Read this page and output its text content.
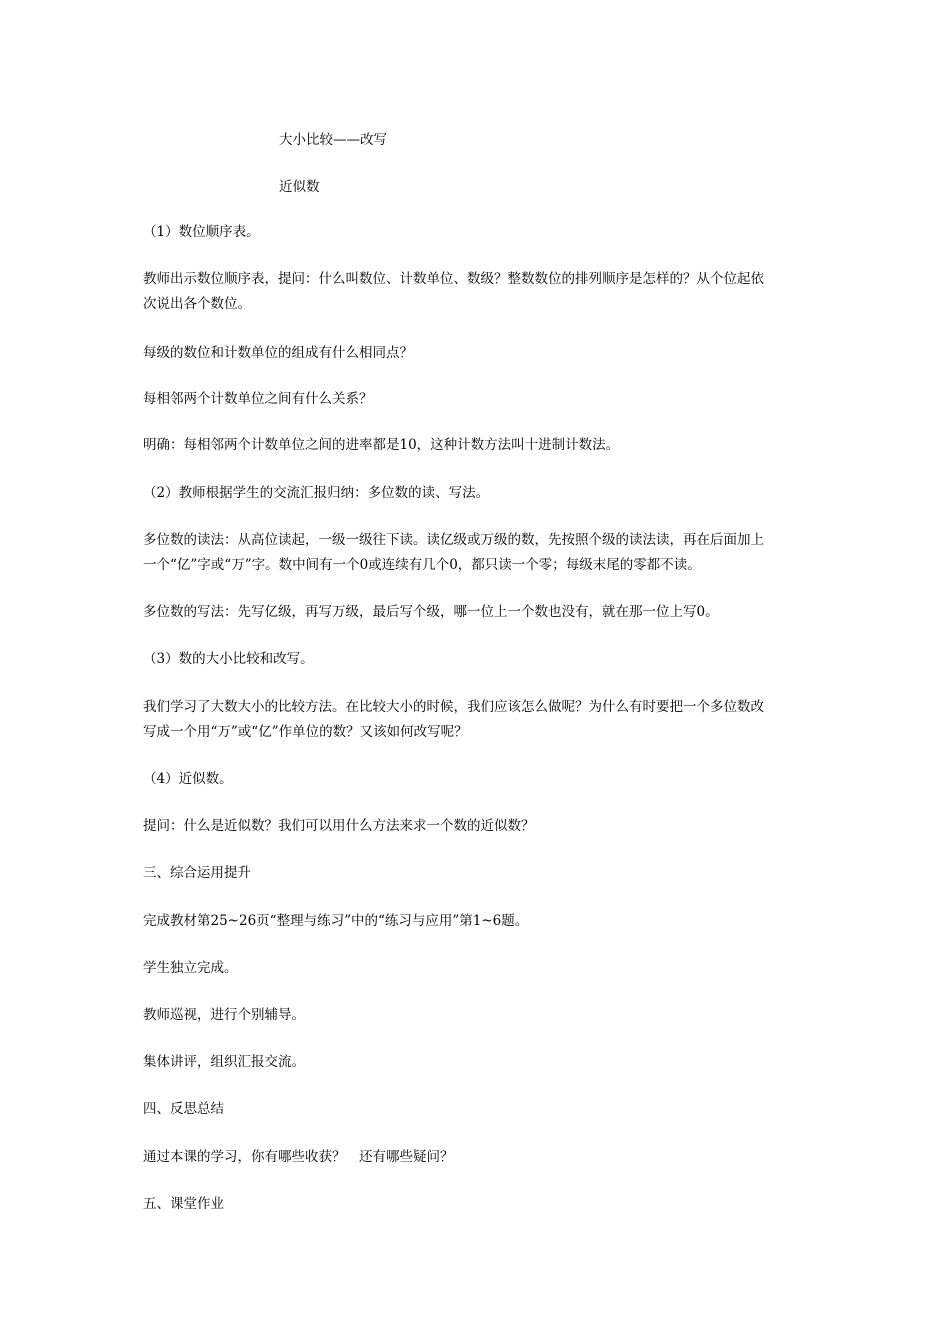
大小比较——改写
近似数
（1）数位顺序表。
教师出示数位顺序表，提问：什么叫数位、计数单位、数级？整数数位的排列顺序是怎样的？从个位起依
次说出各个数位。
每级的数位和计数单位的组成有什么相同点？
每相邻两个计数单位之间有什么关系？
明确：每相邻两个计数单位之间的进率都是10，这种计数方法叫十进制计数法。
（2）教师根据学生的交流汇报归纳：多位数的读、写法。
多位数的读法：从高位读起，一级一级往下读。读亿级或万级的数，先按照个级的读法读，再在后面加上
一个“亿”字或“万”字。数中间有一个0或连续有几个0，都只读一个零；每级末尾的零都不读。
多位数的写法：先写亿级，再写万级，最后写个级，哪一位上一个数也没有，就在那一位上写0。
（3）数的大小比较和改写。
我们学习了大数大小的比较方法。在比较大小的时候，我们应该怎么做呢？为什么有时要把一个多位数改
写成一个用“万”或“亿”作单位的数？又该如何改写呢？
（4）近似数。
提问：什么是近似数？我们可以用什么方法来求一个数的近似数？
三、综合运用提升
完成教材第25~26页“整理与练习”中的“练习与应用”第1~6题。
学生独立完成。
教师巡视，进行个别辅导。
集体讲评，组织汇报交流。
四、反思总结
通过本课的学习，你有哪些收获？　还有哪些疑问？
五、课堂作业
